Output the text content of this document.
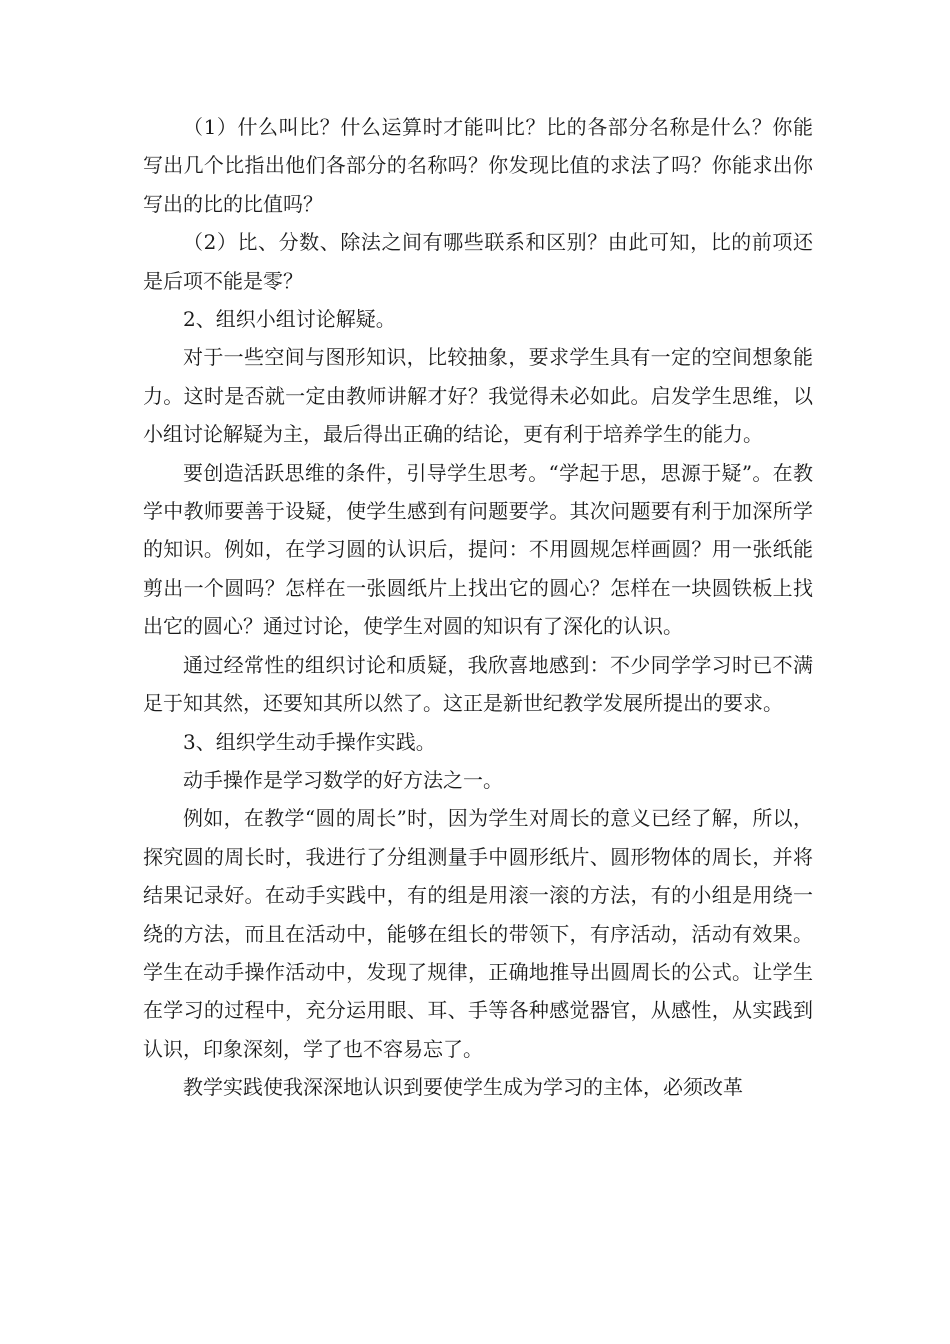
（1）什么叫比？什么运算时才能叫比？比的各部分名称是什么？你能写出几个比指出他们各部分的名称吗？你发现比值的求法了吗？你能求出你写出的比的比值吗？

（2）比、分数、除法之间有哪些联系和区别？由此可知，比的前项还是后项不能是零？

2、组织小组讨论解疑。

对于一些空间与图形知识，比较抽象，要求学生具有一定的空间想象能力。这时是否就一定由教师讲解才好？我觉得未必如此。启发学生思维，以小组讨论解疑为主，最后得出正确的结论，更有利于培养学生的能力。

要创造活跃思维的条件，引导学生思考。“学起于思，思源于疑”。在教学中教师要善于设疑，使学生感到有问题要学。其次问题要有利于加深所学的知识。例如，在学习圆的认识后，提问：不用圆规怎样画圆？用一张纸能剪出一个圆吗？怎样在一张圆纸片上找出它的圆心？怎样在一块圆铁板上找出它的圆心？通过讨论，使学生对圆的知识有了深化的认识。

通过经常性的组织讨论和质疑，我欣喜地感到：不少同学学习时已不满足于知其然，还要知其所以然了。这正是新世纪教学发展所提出的要求。

3、组织学生动手操作实践。

动手操作是学习数学的好方法之一。

例如，在教学“圆的周长”时，因为学生对周长的意义已经了解，所以，探究圆的周长时，我进行了分组测量手中圆形纸片、圆形物体的周长，并将结果记录好。在动手实践中，有的组是用滚一滚的方法，有的小组是用绕一绕的方法，而且在活动中，能够在组长的带领下，有序活动，活动有效果。学生在动手操作活动中，发现了规律，正确地推导出圆周长的公式。让学生在学习的过程中，充分运用眼、耳、手等各种感觉器官，从感性，从实践到认识，印象深刻，学了也不容易忘了。

教学实践使我深深地认识到要使学生成为学习的主体，必须改革
